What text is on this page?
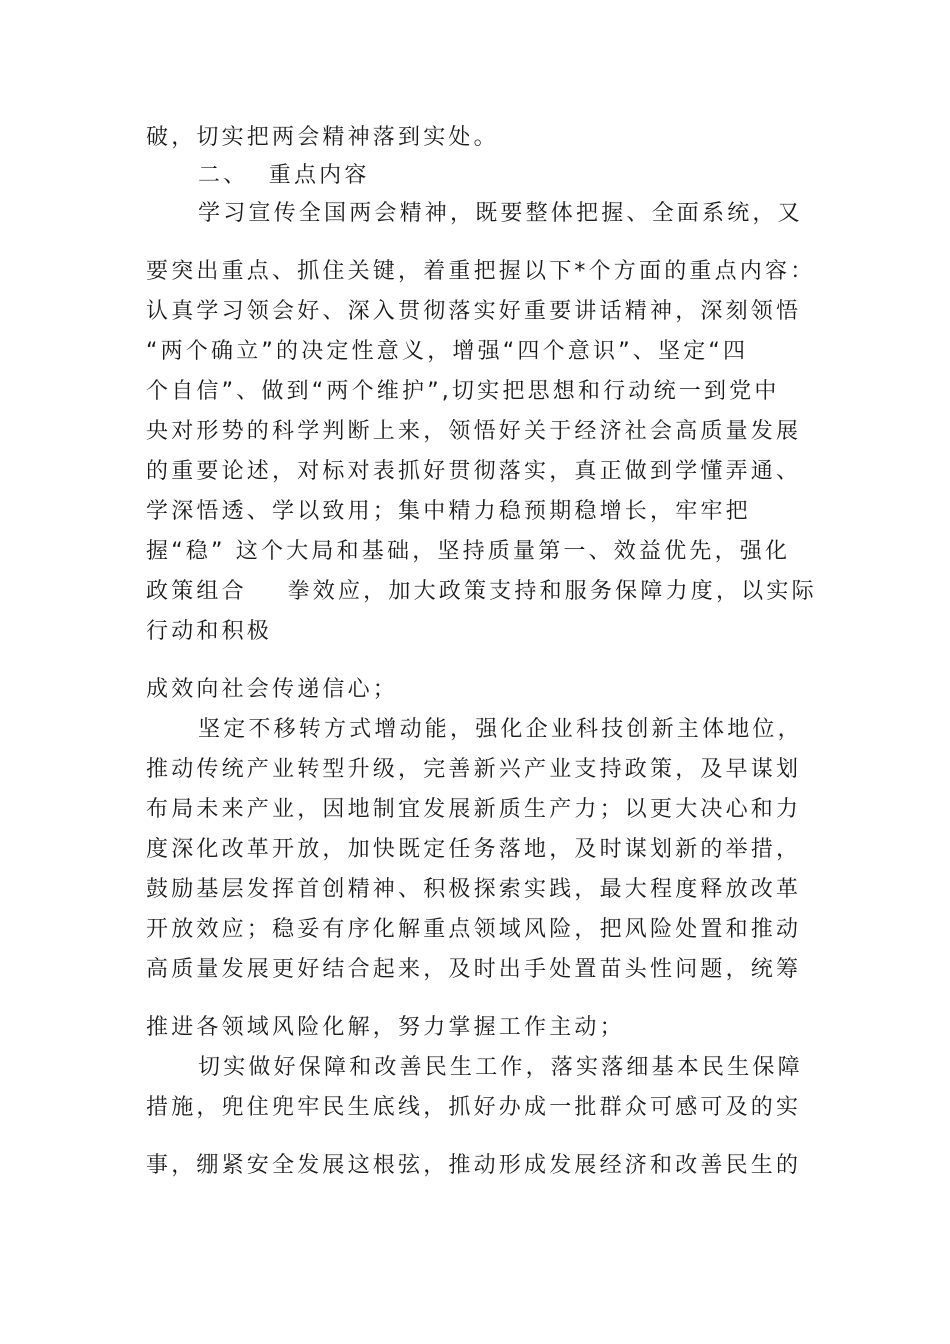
破，切实把两会精神落到实处。
二、  重点内容
学习宣传全国两会精神，既要整体把握、全面系统，又
要突出重点、抓住关键，着重把握以下*个方面的重点内容：
认真学习领会好、深入贯彻落实好重要讲话精神，深刻领悟
“两个确立”的决定性意义，增强“四个意识”、坚定“四
个自信”、做到“两个维护”,切实把思想和行动统一到党中
央对形势的科学判断上来，领悟好关于经济社会高质量发展
的重要论述，对标对表抓好贯彻落实，真正做到学懂弄通、
学深悟透、学以致用；集中精力稳预期稳增长，牢牢把
握“稳” 这个大局和基础，坚持质量第一、效益优先，强化
政策组合    拳效应，加大政策支持和服务保障力度，以实际
行动和积极
成效向社会传递信心；
坚定不移转方式增动能，强化企业科技创新主体地位，
推动传统产业转型升级，完善新兴产业支持政策，及早谋划
布局未来产业，因地制宜发展新质生产力；以更大决心和力
度深化改革开放，加快既定任务落地，及时谋划新的举措，
鼓励基层发挥首创精神、积极探索实践，最大程度释放改革
开放效应；稳妥有序化解重点领域风险，把风险处置和推动
高质量发展更好结合起来，及时出手处置苗头性问题，统筹
推进各领域风险化解，努力掌握工作主动；
切实做好保障和改善民生工作，落实落细基本民生保障
措施，兜住兜牢民生底线，抓好办成一批群众可感可及的实
事，绷紧安全发展这根弦，推动形成发展经济和改善民生的
